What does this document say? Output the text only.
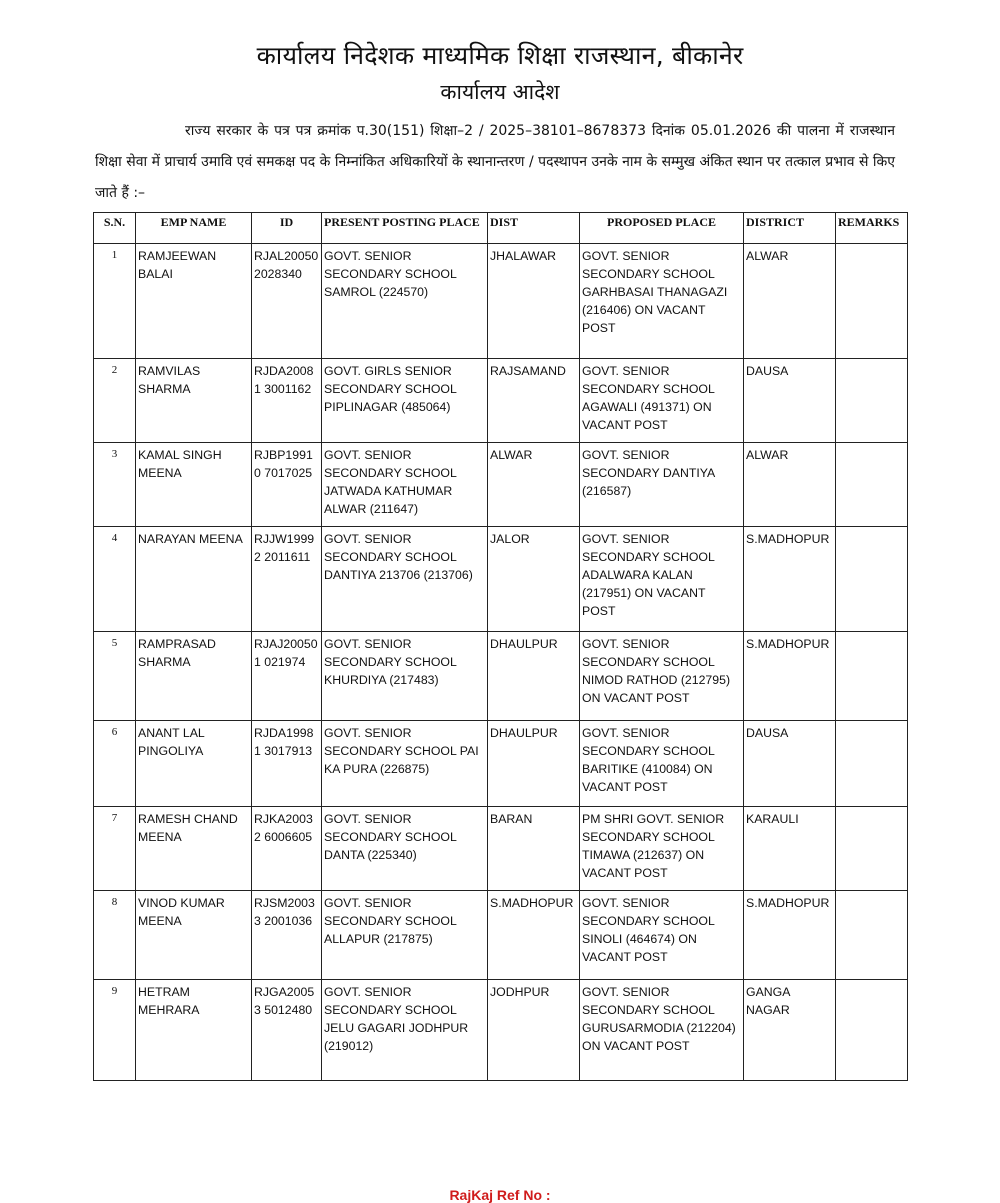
कार्यालय निदेशक माध्यमिक शिक्षा राजस्थान, बीकानेर
कार्यालय आदेश
राज्य सरकार के पत्र पत्र क्रमांक प.30(151) शिक्षा–2 / 2025–38101–8678373 दिनांक 05.01.2026 की पालना में राजस्थान शिक्षा सेवा में प्राचार्य उमावि एवं समकक्ष पद के निम्नांकित अधिकारियों के स्थानान्तरण / पदस्थापन उनके नाम के सम्मुख अंकित स्थान पर तत्काल प्रभाव से किए जाते हैं :–
S.N.	EMP NAME	ID	PRESENT POSTING PLACE	DIST	PROPOSED PLACE	DISTRICT	REMARKS
1	RAMJEEWAN BALAI	RJAL20050 2028340	GOVT. SENIOR SECONDARY SCHOOL SAMROL (224570)	JHALAWAR	GOVT. SENIOR SECONDARY SCHOOL GARHBASAI THANAGAZI (216406) ON VACANT POST	ALWAR	
2	RAMVILAS SHARMA	RJDA20081 3001162	GOVT. GIRLS SENIOR SECONDARY SCHOOL PIPLINAGAR (485064)	RAJSAMAND	GOVT. SENIOR SECONDARY SCHOOL AGAWALI (491371) ON VACANT POST	DAUSA	
3	KAMAL SINGH MEENA	RJBP19910 7017025	GOVT. SENIOR SECONDARY SCHOOL JATWADA KATHUMAR ALWAR (211647)	ALWAR	GOVT. SENIOR SECONDARY DANTIYA (216587)	ALWAR	
4	NARAYAN MEENA	RJJW19992 2011611	GOVT. SENIOR SECONDARY SCHOOL DANTIYA 213706 (213706)	JALOR	GOVT. SENIOR SECONDARY SCHOOL ADALWARA KALAN (217951) ON VACANT POST	S.MADHOPUR	
5	RAMPRASAD SHARMA	RJAJ200501 021974	GOVT. SENIOR SECONDARY SCHOOL KHURDIYA (217483)	DHAULPUR	GOVT. SENIOR SECONDARY SCHOOL NIMOD RATHOD (212795) ON VACANT POST	S.MADHOPUR	
6	ANANT LAL PINGOLIYA	RJDA19981 3017913	GOVT. SENIOR SECONDARY SCHOOL PAI KA PURA (226875)	DHAULPUR	GOVT. SENIOR SECONDARY SCHOOL BARITIKE (410084) ON VACANT POST	DAUSA	
7	RAMESH CHAND MEENA	RJKA20032 6006605	GOVT. SENIOR SECONDARY SCHOOL DANTA (225340)	BARAN	PM SHRI GOVT. SENIOR SECONDARY SCHOOL TIMAWA (212637) ON VACANT POST	KARAULI	
8	VINOD KUMAR MEENA	RJSM20033 2001036	GOVT. SENIOR SECONDARY SCHOOL ALLAPUR (217875)	S.MADHOPUR	GOVT. SENIOR SECONDARY SCHOOL SINOLI (464674) ON VACANT POST	S.MADHOPUR	
9	HETRAM MEHRARA	RJGA20053 5012480	GOVT. SENIOR SECONDARY SCHOOL JELU GAGARI JODHPUR (219012)	JODHPUR	GOVT. SENIOR SECONDARY SCHOOL GURUSARMODIA (212204) ON VACANT POST	GANGA NAGAR	
RajKaj Ref No :
